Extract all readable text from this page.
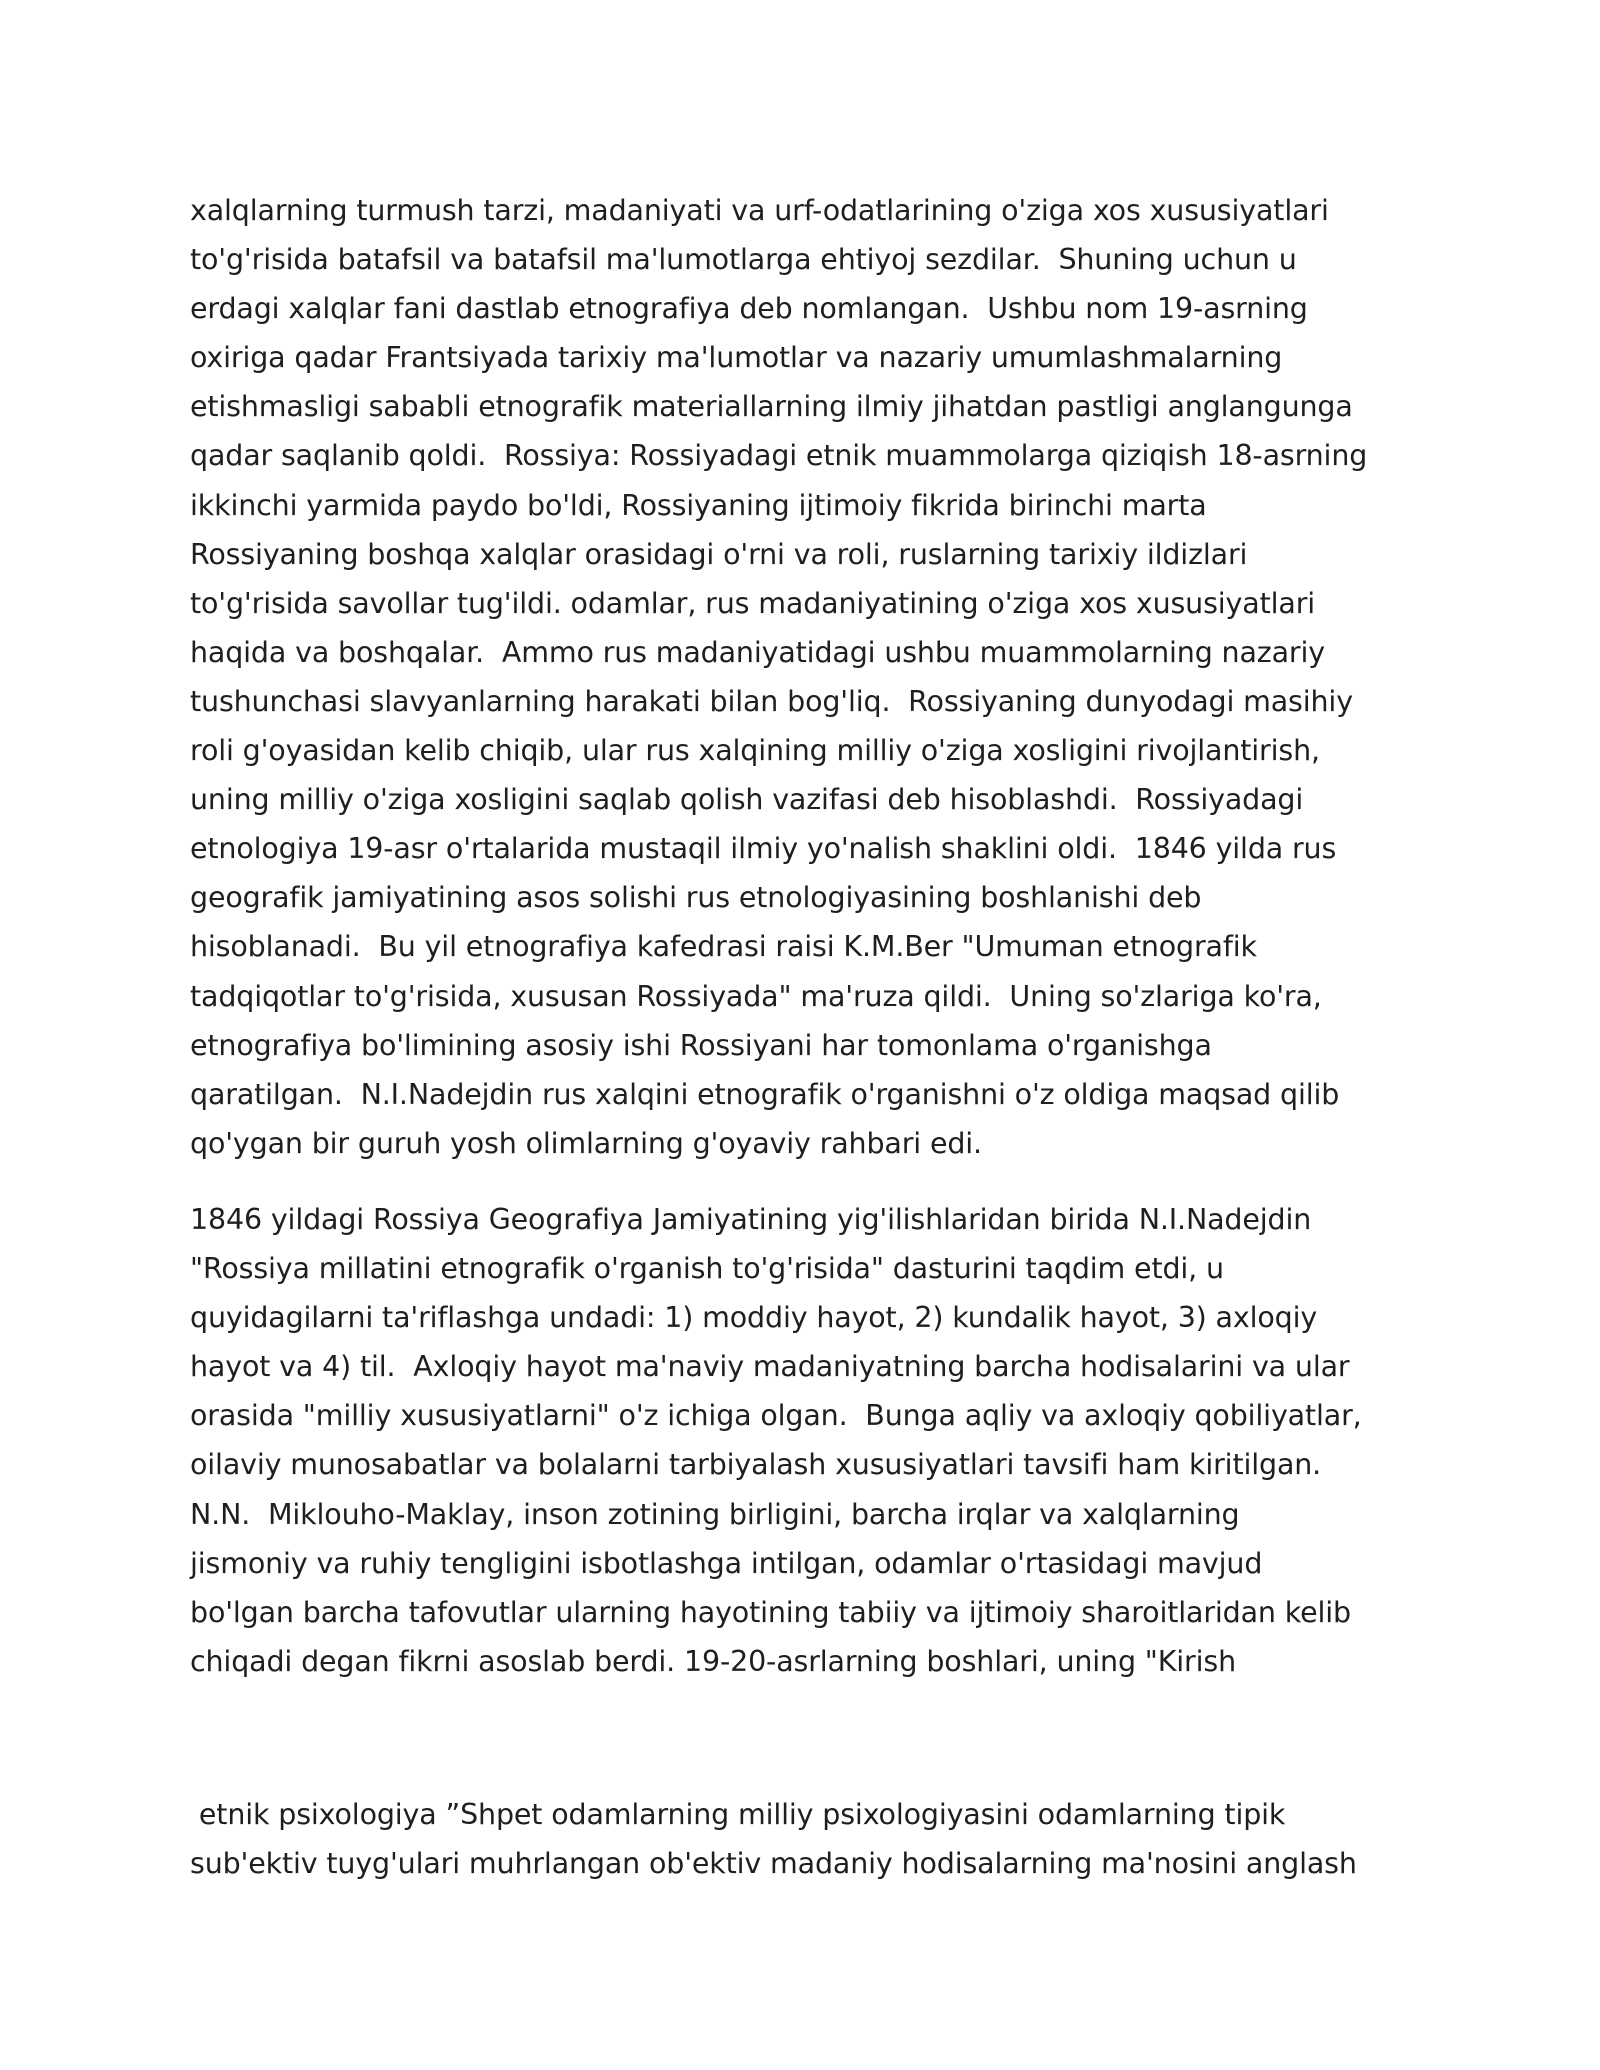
xalqlarning turmush tarzi, madaniyati va urf-odatlarining o'ziga xos xususiyatlari
to'g'risida batafsil va batafsil ma'lumotlarga ehtiyoj sezdilar.  Shuning uchun u
erdagi xalqlar fani dastlab etnografiya deb nomlangan.  Ushbu nom 19-asrning
oxiriga qadar Frantsiyada tarixiy ma'lumotlar va nazariy umumlashmalarning
etishmasligi sababli etnografik materiallarning ilmiy jihatdan pastligi anglangunga
qadar saqlanib qoldi.  Rossiya: Rossiyadagi etnik muammolarga qiziqish 18-asrning
ikkinchi yarmida paydo bo'ldi, Rossiyaning ijtimoiy fikrida birinchi marta
Rossiyaning boshqa xalqlar orasidagi o'rni va roli, ruslarning tarixiy ildizlari
to'g'risida savollar tug'ildi. odamlar, rus madaniyatining o'ziga xos xususiyatlari
haqida va boshqalar.  Ammo rus madaniyatidagi ushbu muammolarning nazariy
tushunchasi slavyanlarning harakati bilan bog'liq.  Rossiyaning dunyodagi masihiy
roli g'oyasidan kelib chiqib, ular rus xalqining milliy o'ziga xosligini rivojlantirish,
uning milliy o'ziga xosligini saqlab qolish vazifasi deb hisoblashdi.  Rossiyadagi
etnologiya 19-asr o'rtalarida mustaqil ilmiy yo'nalish shaklini oldi.  1846 yilda rus
geografik jamiyatining asos solishi rus etnologiyasining boshlanishi deb
hisoblanadi.  Bu yil etnografiya kafedrasi raisi K.M.Ber "Umuman etnografik
tadqiqotlar to'g'risida, xususan Rossiyada" ma'ruza qildi.  Uning so'zlariga ko'ra,
etnografiya bo'limining asosiy ishi Rossiyani har tomonlama o'rganishga
qaratilgan.  N.I.Nadejdin rus xalqini etnografik o'rganishni o'z oldiga maqsad qilib
qo'ygan bir guruh yosh olimlarning g'oyaviy rahbari edi.
1846 yildagi Rossiya Geografiya Jamiyatining yig'ilishlaridan birida N.I.Nadejdin
"Rossiya millatini etnografik o'rganish to'g'risida" dasturini taqdim etdi, u
quyidagilarni ta'riflashga undadi: 1) moddiy hayot, 2) kundalik hayot, 3) axloqiy
hayot va 4) til.  Axloqiy hayot ma'naviy madaniyatning barcha hodisalarini va ular
orasida "milliy xususiyatlarni" o'z ichiga olgan.  Bunga aqliy va axloqiy qobiliyatlar,
oilaviy munosabatlar va bolalarni tarbiyalash xususiyatlari tavsifi ham kiritilgan.
N.N.  Miklouho-Maklay, inson zotining birligini, barcha irqlar va xalqlarning
jismoniy va ruhiy tengligini isbotlashga intilgan, odamlar o'rtasidagi mavjud
bo'lgan barcha tafovutlar ularning hayotining tabiiy va ijtimoiy sharoitlaridan kelib
chiqadi degan fikrni asoslab berdi. 19-20-asrlarning boshlari, uning "Kirish
etnik psixologiya ”Shpet odamlarning milliy psixologiyasini odamlarning tipik
sub'ektiv tuyg'ulari muhrlangan ob'ektiv madaniy hodisalarning ma'nosini anglash
